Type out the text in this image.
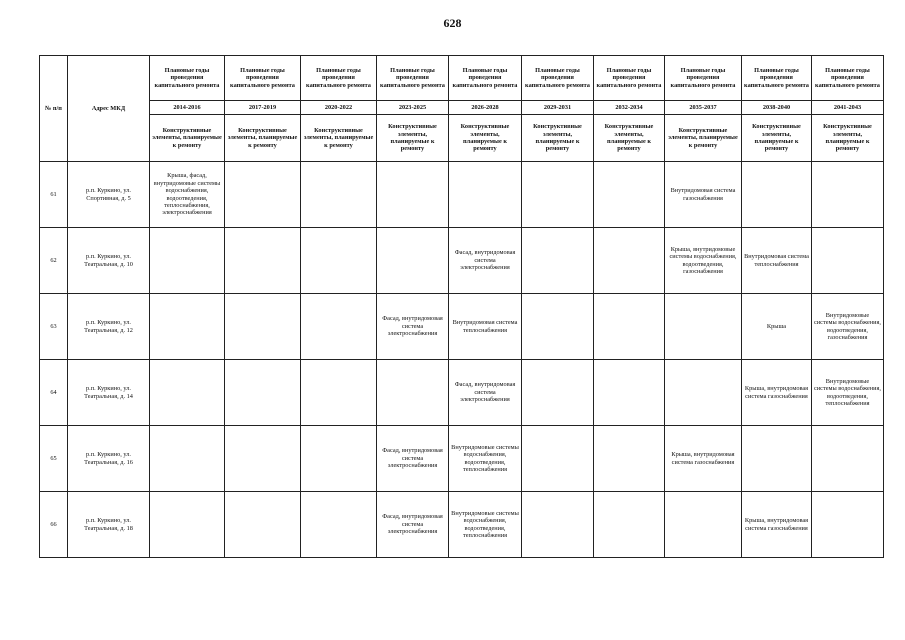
628
№ п/п	Адрес МКД	Плановые годы проведения капитального ремонта	Плановые годы проведения капитального ремонта	Плановые годы проведения капитального ремонта	Плановые годы проведения капитального ремонта	Плановые годы проведения капитального ремонта	Плановые годы проведения капитального ремонта	Плановые годы проведения капитального ремонта	Плановые годы проведения капитального ремонта	Плановые годы проведения капитального ремонта	Плановые годы проведения капитального ремонта
		2014-2016	2017-2019	2020-2022	2023-2025	2026-2028	2029-2031	2032-2034	2035-2037	2038-2040	2041-2043
		Конструктивные элементы, планируемые к ремонту	Конструктивные элементы, планируемые к ремонту	Конструктивные элементы, планируемые к ремонту	Конструктивные элементы, планируемые к ремонту	Конструктивные элементы, планируемые к ремонту	Конструктивные элементы, планируемые к ремонту	Конструктивные элементы, планируемые к ремонту	Конструктивные элементы, планируемые к ремонту	Конструктивные элементы, планируемые к ремонту	Конструктивные элементы, планируемые к ремонту
61	р.п. Куркино, ул. Спортивная, д. 5	Крыша, фасад, внутридомовые системы водоснабжения, водоотведения, теплоснабжения, электроснабжения							Внутридомовая система газоснабжения		
62	р.п. Куркино, ул. Театральная, д. 10					Фасад, внутридомовая система электроснабжения			Крыша, внутридомовые системы водоснабжения, водоотведения, газоснабжения	Внутридомовая система теплоснабжения	
63	р.п. Куркино, ул. Театральная, д. 12				Фасад, внутридомовая система электроснабжения	Внутридомовая система теплоснабжения				Крыша	Внутридомовые системы водоснабжения, водоотведения, газоснабжения
64	р.п. Куркино, ул. Театральная, д. 14					Фасад, внутридомовая система электроснабжения				Крыша, внутридомовая система газоснабжения	Внутридомовые системы водоснабжения, водоотведения, теплоснабжения
65	р.п. Куркино, ул. Театральная, д. 16				Фасад, внутридомовая система электроснабжения	Внутридомовые системы водоснабжения, водоотведения, теплоснабжения			Крыша, внутридомовая система газоснабжения		
66	р.п. Куркино, ул. Театральная, д. 18				Фасад, внутридомовая система электроснабжения	Внутридомовые системы водоснабжения, водоотведения, теплоснабжения				Крыша, внутридомовая система газоснабжения	
